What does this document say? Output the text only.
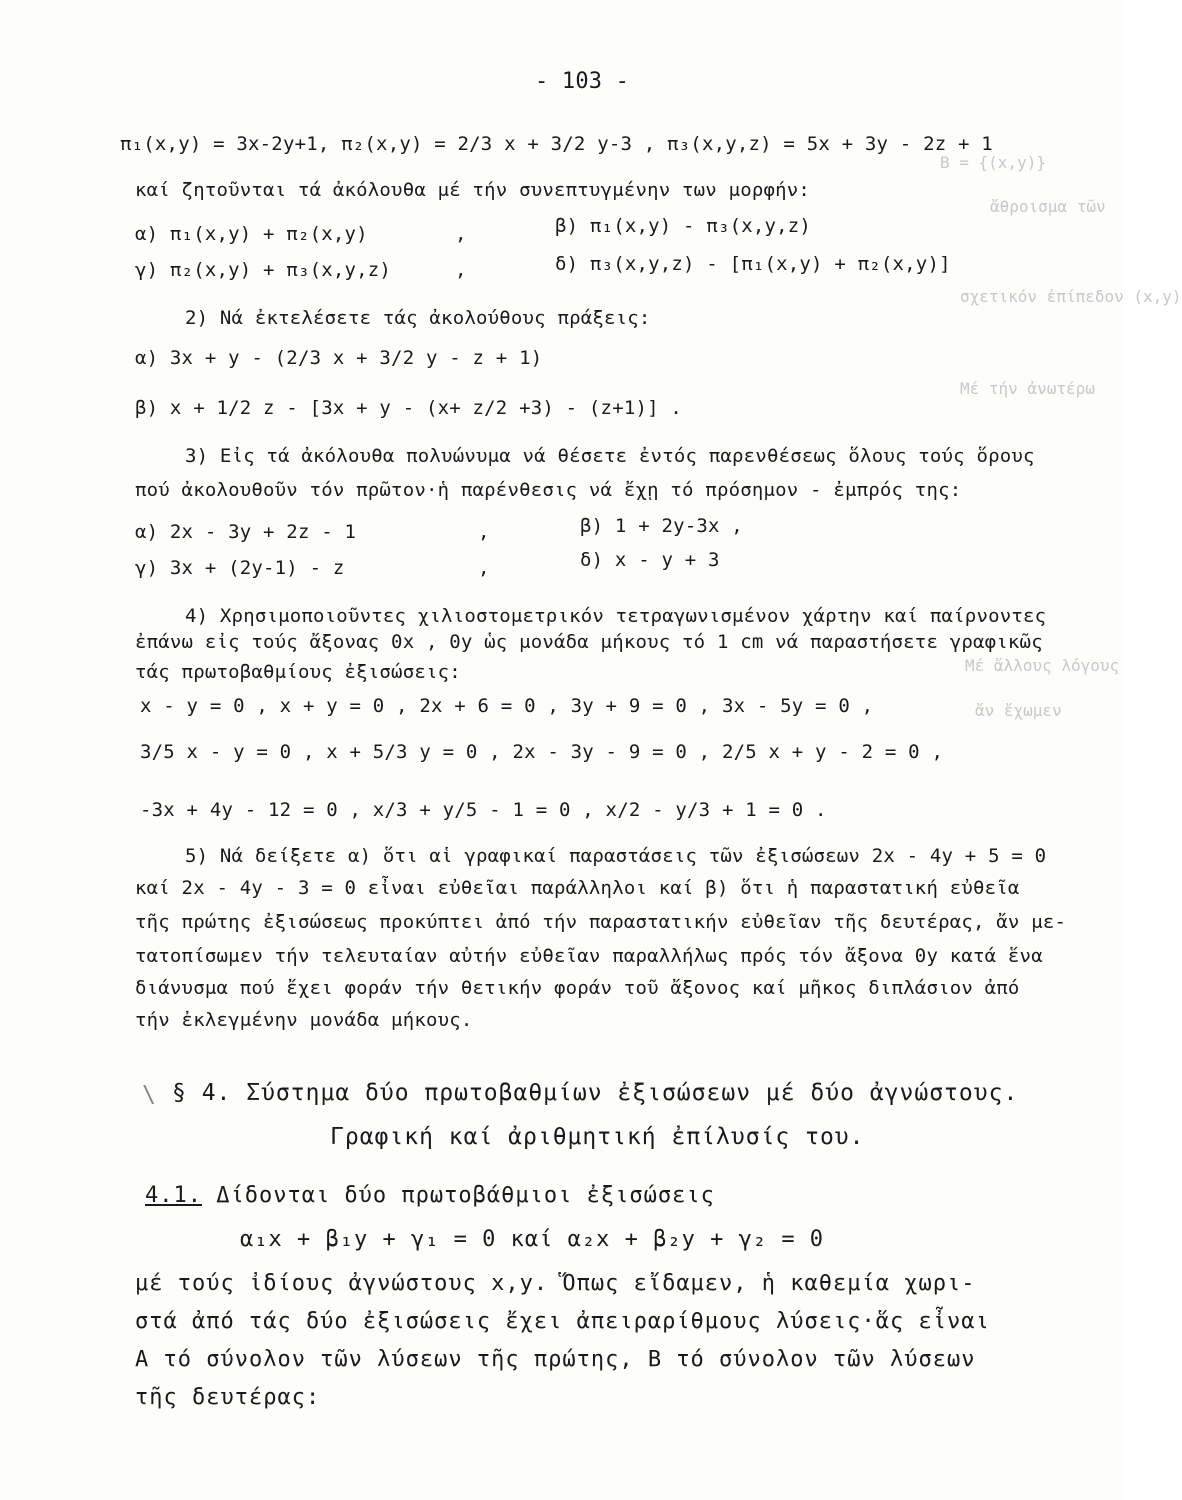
B = {(x,y)}
ἄθροισμα τῶν
σχετικόν ἐπίπεδον (x,y)
Μέ τήν ἀνωτέρω
Μέ ἄλλους λόγους
ἄν ἔχωμεν
- 103 -
π₁(x,y) = 3x-2y+1, π₂(x,y) = 2/3 x + 3/2 y-3 , π₃(x,y,z) = 5x + 3y - 2z + 1
καί ζητοῦνται τά ἀκόλουθα μέ τήν συνεπτυγμένην των μορφήν:
α) π₁(x,y) + π₂(x,y)	,	β) π₁(x,y) - π₃(x,y,z)
γ) π₂(x,y) + π₃(x,y,z)	,	δ) π₃(x,y,z) - [π₁(x,y) + π₂(x,y)]
2) Νά ἐκτελέσετε τάς ἀκολούθους πράξεις:
α) 3x + y - (2/3 x + 3/2 y - z + 1)
β) x + 1/2 z - [3x + y - (x+ z/2 +3) - (z+1)] .
3) Εἰς τά ἀκόλουθα πολυώνυμα νά θέσετε ἐντός παρενθέσεως ὅλους τούς ὅρους
πού ἀκολουθοῦν τόν πρῶτον·ἡ παρένθεσις νά ἔχῃ τό πρόσημον - ἐμπρός της:
α) 2x - 3y + 2z - 1	,	β) 1 + 2y-3x ,
γ) 3x + (2y-1) - z	,	δ) x - y + 3
4) Χρησιμοποιοῦντες χιλιοστομετρικόν τετραγωνισμένον χάρτην καί παίρνοντες
ἐπάνω εἰς τούς ἄξονας 0x , 0y ὡς μονάδα μήκους τό 1 cm νά παραστήσετε γραφικῶς
τάς πρωτοβαθμίους ἐξισώσεις:
x - y = 0 , x + y = 0 , 2x + 6 = 0 , 3y + 9 = 0 , 3x - 5y = 0 ,
3/5 x - y = 0 , x + 5/3 y = 0 , 2x - 3y - 9 = 0 , 2/5 x + y - 2 = 0 ,
-3x + 4y - 12 = 0 , x/3 + y/5 - 1 = 0 , x/2 - y/3 + 1 = 0 .
5) Νά δείξετε α) ὅτι αἱ γραφικαί παραστάσεις τῶν ἐξισώσεων 2x - 4y + 5 = 0
καί 2x - 4y - 3 = 0 εἶναι εὐθεῖαι παράλληλοι καί β) ὅτι ἡ παραστατική εὐθεῖα
τῆς πρώτης ἐξισώσεως προκύπτει ἀπό τήν παραστατικήν εὐθεῖαν τῆς δευτέρας, ἄν με-
τατοπίσωμεν τήν τελευταίαν αὐτήν εὐθεῖαν παραλλήλως πρός τόν ἄξονα 0y κατά ἕνα
διάνυσμα πού ἔχει φοράν τήν θετικήν φοράν τοῦ ἄξονος καί μῆκος διπλάσιον ἀπό
τήν ἐκλεγμένην μονάδα μήκους.
\ § 4. Σύστημα δύο πρωτοβαθμίων ἐξισώσεων μέ δύο ἀγνώστους.
Γραφική καί ἀριθμητική ἐπίλυσίς του.
4.1. Δίδονται δύο πρωτοβάθμιοι ἐξισώσεις
α₁x + β₁y + γ₁ = 0 καί α₂x + β₂y + γ₂ = 0
μέ τούς ἰδίους ἀγνώστους x,y. Ὅπως εἴδαμεν, ἡ καθεμία χωρι-
στά ἀπό τάς δύο ἐξισώσεις ἔχει ἀπειραρίθμους λύσεις·ἅς εἶναι
Α τό σύνολον τῶν λύσεων τῆς πρώτης, Β τό σύνολον τῶν λύσεων
τῆς δευτέρας:
